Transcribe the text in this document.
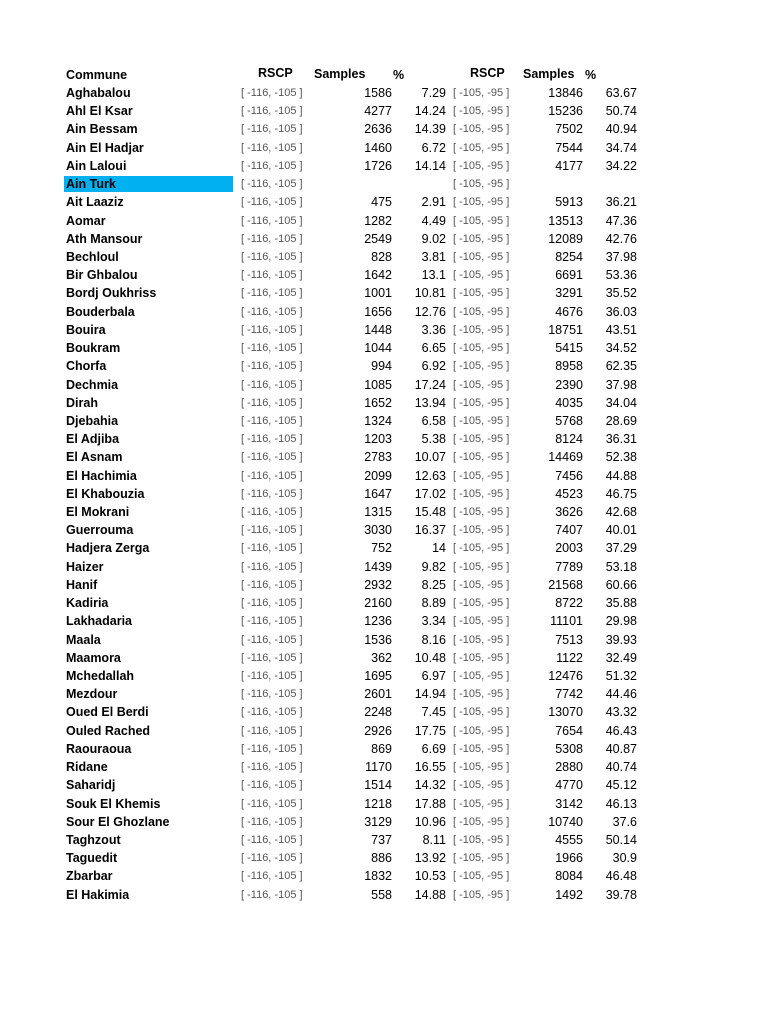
Commune	RSCP Samples %	RSCP Samples %
Aghabalou	[ -116, -105 ]	1586 7.29 [ -105, -95 ]	13846 63.67
Ahl El Ksar	[ -116, -105 ]	4277 14.24 [ -105, -95 ]	15236 50.74
Ain Bessam	[ -116, -105 ]	2636 14.39 [ -105, -95 ]	7502 40.94
Ain El Hadjar	[ -116, -105 ]	1460 6.72 [ -105, -95 ]	7544 34.74
Ain Laloui	[ -116, -105 ]	1726 14.14 [ -105, -95 ]	4177 34.22
Ain Turk	[ -116, -105 ]	[ -105, -95 ]
Ait Laaziz	[ -116, -105 ]	475 2.91 [ -105, -95 ]	5913 36.21
Aomar	[ -116, -105 ]	1282 4.49 [ -105, -95 ]	13513 47.36
Ath Mansour	[ -116, -105 ]	2549 9.02 [ -105, -95 ]	12089 42.76
Bechloul	[ -116, -105 ]	828 3.81 [ -105, -95 ]	8254 37.98
Bir Ghbalou	[ -116, -105 ]	1642 13.1 [ -105, -95 ]	6691 53.36
Bordj Oukhriss	[ -116, -105 ]	1001 10.81 [ -105, -95 ]	3291 35.52
Bouderbala	[ -116, -105 ]	1656 12.76 [ -105, -95 ]	4676 36.03
Bouira	[ -116, -105 ]	1448 3.36 [ -105, -95 ]	18751 43.51
Boukram	[ -116, -105 ]	1044 6.65 [ -105, -95 ]	5415 34.52
Chorfa	[ -116, -105 ]	994 6.92 [ -105, -95 ]	8958 62.35
Dechmia	[ -116, -105 ]	1085 17.24 [ -105, -95 ]	2390 37.98
Dirah	[ -116, -105 ]	1652 13.94 [ -105, -95 ]	4035 34.04
Djebahia	[ -116, -105 ]	1324 6.58 [ -105, -95 ]	5768 28.69
El Adjiba	[ -116, -105 ]	1203 5.38 [ -105, -95 ]	8124 36.31
El Asnam	[ -116, -105 ]	2783 10.07 [ -105, -95 ]	14469 52.38
El Hachimia	[ -116, -105 ]	2099 12.63 [ -105, -95 ]	7456 44.88
El Khabouzia	[ -116, -105 ]	1647 17.02 [ -105, -95 ]	4523 46.75
El Mokrani	[ -116, -105 ]	1315 15.48 [ -105, -95 ]	3626 42.68
Guerrouma	[ -116, -105 ]	3030 16.37 [ -105, -95 ]	7407 40.01
Hadjera Zerga	[ -116, -105 ]	752	14 [ -105, -95 ]	2003 37.29
Haizer	[ -116, -105 ]	1439 9.82 [ -105, -95 ]	7789 53.18
Hanif	[ -116, -105 ]	2932 8.25 [ -105, -95 ]	21568 60.66
Kadiria	[ -116, -105 ]	2160 8.89 [ -105, -95 ]	8722 35.88
Lakhadaria	[ -116, -105 ]	1236 3.34 [ -105, -95 ]	11101 29.98
Maala	[ -116, -105 ]	1536 8.16 [ -105, -95 ]	7513 39.93
Maamora	[ -116, -105 ]	362 10.48 [ -105, -95 ]	1122 32.49
Mchedallah	[ -116, -105 ]	1695 6.97 [ -105, -95 ]	12476 51.32
Mezdour	[ -116, -105 ]	2601 14.94 [ -105, -95 ]	7742 44.46
Oued El Berdi	[ -116, -105 ]	2248 7.45 [ -105, -95 ]	13070 43.32
Ouled Rached	[ -116, -105 ]	2926 17.75 [ -105, -95 ]	7654 46.43
Raouraoua	[ -116, -105 ]	869 6.69 [ -105, -95 ]	5308 40.87
Ridane	[ -116, -105 ]	1170 16.55 [ -105, -95 ]	2880 40.74
Saharidj	[ -116, -105 ]	1514 14.32 [ -105, -95 ]	4770 45.12
Souk El Khemis	[ -116, -105 ]	1218 17.88 [ -105, -95 ]	3142 46.13
Sour El Ghozlane	[ -116, -105 ]	3129 10.96 [ -105, -95 ]	10740 37.6
Taghzout	[ -116, -105 ]	737 8.11 [ -105, -95 ]	4555 50.14
Taguedit	[ -116, -105 ]	886 13.92 [ -105, -95 ]	1966 30.9
Zbarbar	[ -116, -105 ]	1832 10.53 [ -105, -95 ]	8084 46.48
El Hakimia	[ -116, -105 ]	558 14.88 [ -105, -95 ]	1492 39.78
